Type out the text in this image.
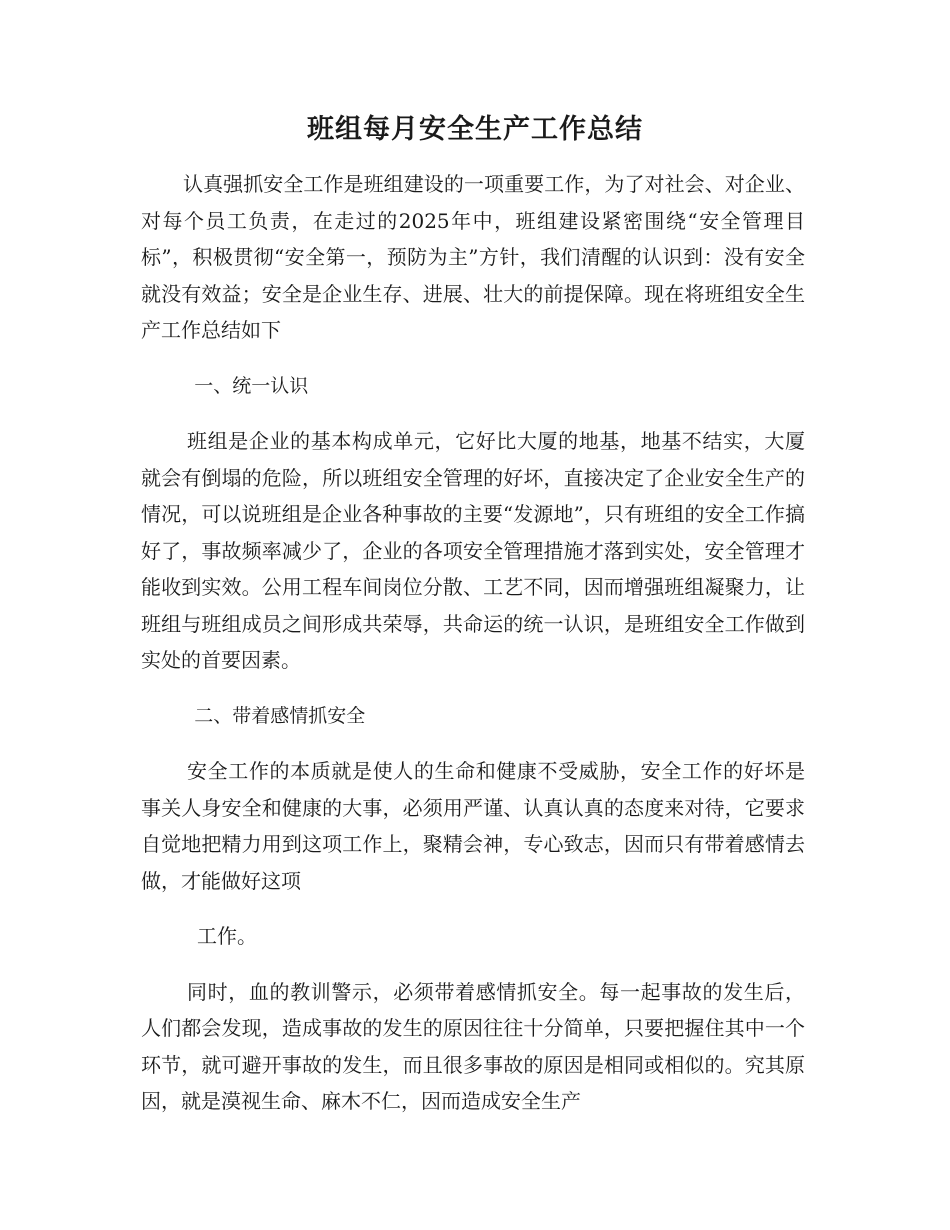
班组每月安全生产工作总结

认真强抓安全工作是班组建设的一项重要工作，为了对社会、对企业、对每个员工负责，在走过的2025年中，班组建设紧密围绕“安全管理目标”，积极贯彻“安全第一，预防为主”方针，我们清醒的认识到：没有安全就没有效益；安全是企业生存、进展、壮大的前提保障。现在将班组安全生产工作总结如下

一、统一认识

班组是企业的基本构成单元，它好比大厦的地基，地基不结实，大厦就会有倒塌的危险，所以班组安全管理的好坏，直接决定了企业安全生产的情况，可以说班组是企业各种事故的主要“发源地”，只有班组的安全工作搞好了，事故频率减少了，企业的各项安全管理措施才落到实处，安全管理才能收到实效。公用工程车间岗位分散、工艺不同，因而增强班组凝聚力，让班组与班组成员之间形成共荣辱，共命运的统一认识，是班组安全工作做到实处的首要因素。

二、带着感情抓安全

安全工作的本质就是使人的生命和健康不受威胁，安全工作的好坏是事关人身安全和健康的大事，必须用严谨、认真认真的态度来对待，它要求自觉地把精力用到这项工作上，聚精会神，专心致志，因而只有带着感情去做，才能做好这项

工作。

同时，血的教训警示，必须带着感情抓安全。每一起事故的发生后，人们都会发现，造成事故的发生的原因往往十分简单，只要把握住其中一个环节，就可避开事故的发生，而且很多事故的原因是相同或相似的。究其原因，就是漠视生命、麻木不仁，因而造成安全生产
